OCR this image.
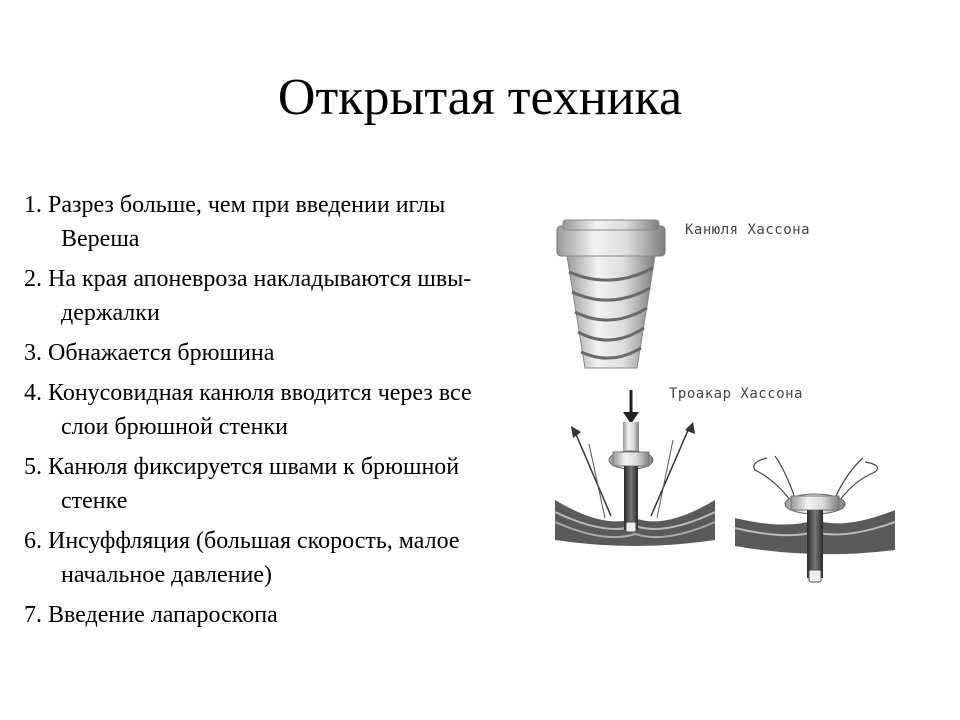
Открытая техника
1. Разрез больше, чем при введении иглы Вереша
2. На края апоневроза накладываются швы-держалки
3. Обнажается брюшина
4. Конусовидная канюля вводится через все слои брюшной стенки
5. Канюля фиксируется швами к брюшной стенке
6. Инсуффляция (большая скорость, малое начальное давление)
7. Введение лапароскопа
Канюля Хассона
Троакар Хассона
